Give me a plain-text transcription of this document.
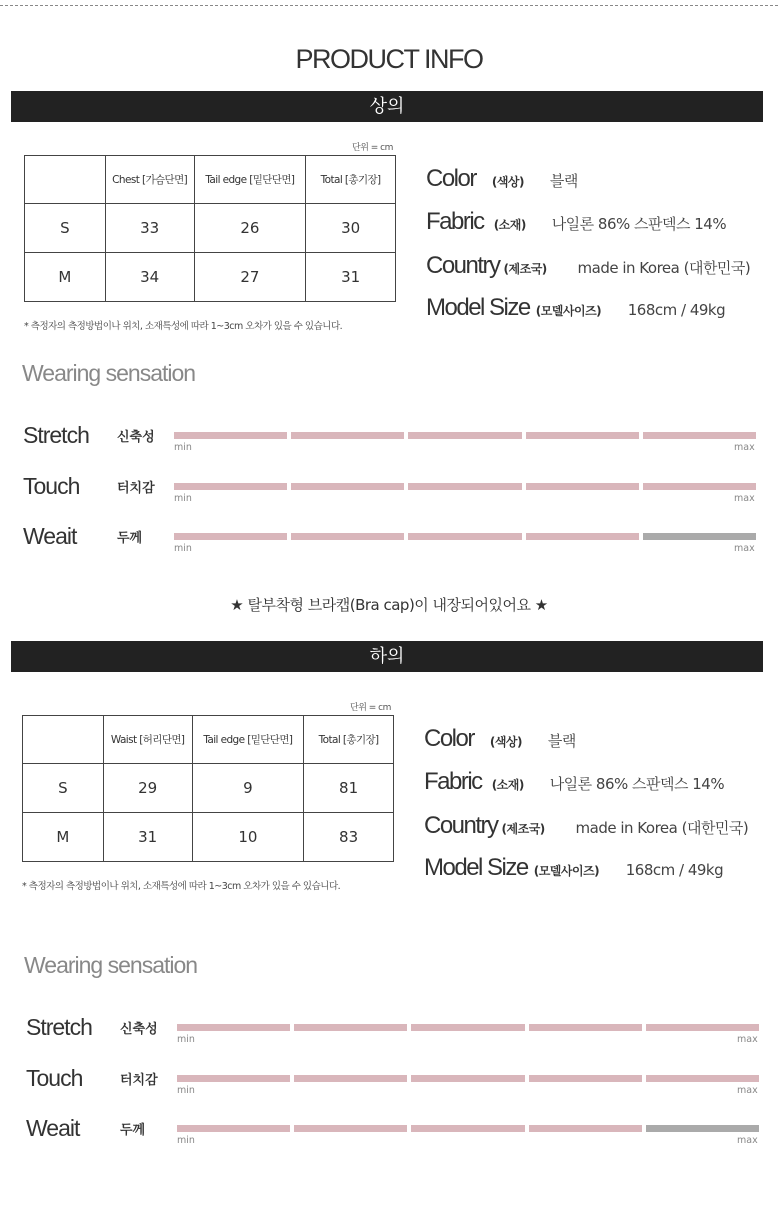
PRODUCT INFO
상의
단위 = cm
	Chest [가슴단면]	Tail edge [밑단단면]	Total [총기장]
S	33	26	30
M	34	27	31
* 측정자의 측정방법이나 위치, 소재특성에 따라 1~3cm 오차가 있을 수 있습니다.
Color (색상)	블랙
Fabric (소재)	나일론 86% 스판덱스 14%
Country (제조국)	made in Korea (대한민국)
Model Size (모델사이즈)	168cm / 49kg
Wearing sensation
Stretch 신축성
min	max
Touch	터치감
min	max
Weait	두께
min	max
★ 탈부착형 브라캡(Bra cap)이 내장되어있어요 ★
하의
단위 = cm
	Waist [허리단면]	Tail edge [밑단단면]	Total [총기장]
S	29	9	81
M	31	10	83
* 측정자의 측정방법이나 위치, 소재특성에 따라 1~3cm 오차가 있을 수 있습니다.
Color (색상)	블랙
Fabric (소재)	나일론 86% 스판덱스 14%
Country (제조국)	made in Korea (대한민국)
Model Size (모델사이즈)	168cm / 49kg
Wearing sensation
Stretch 신축성
min	max
Touch	터치감
min	max
Weait	두께
min	max
